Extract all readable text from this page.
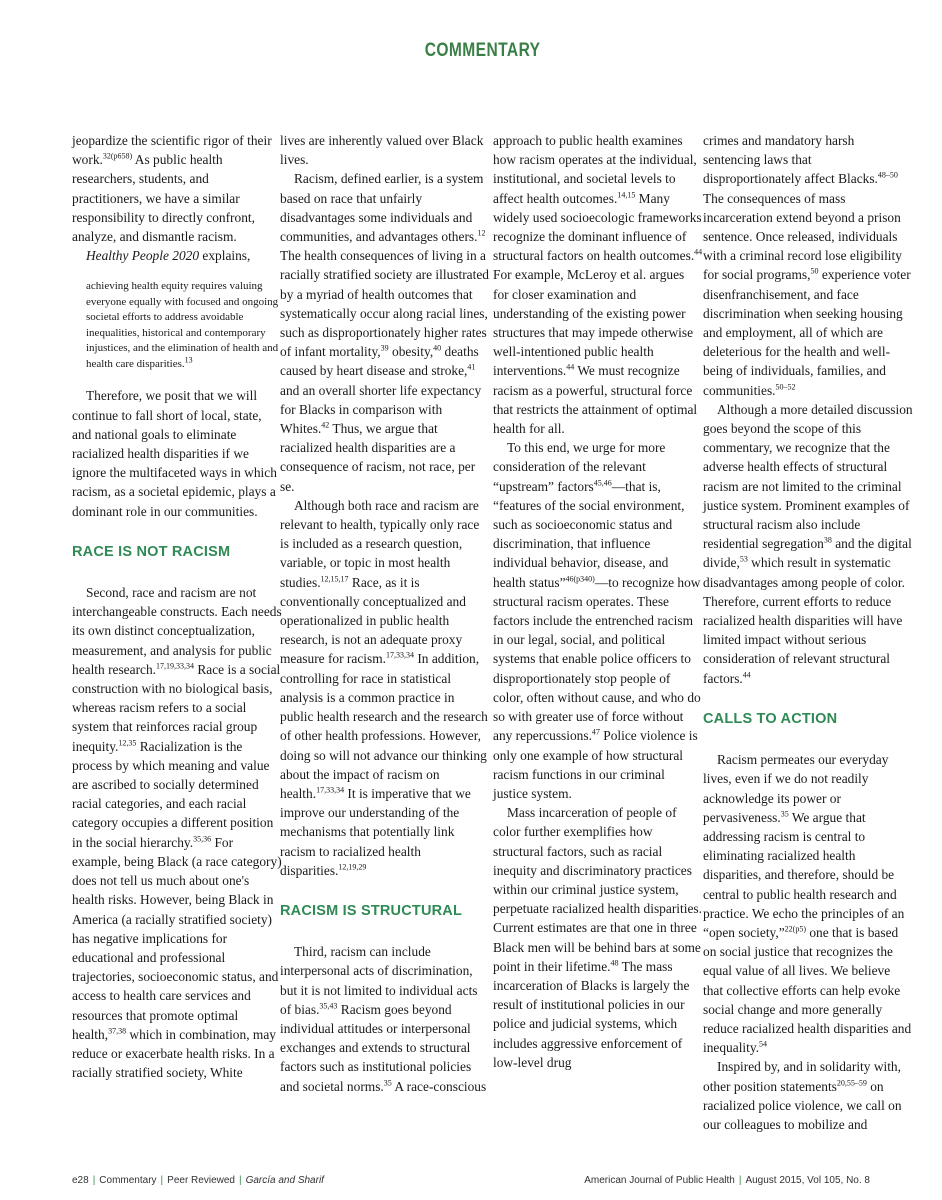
COMMENTARY

jeopardize the scientific rigor of their work.$^{32(p658)}$ As public health researchers, students, and practitioners, we have a similar responsibility to directly confront, analyze, and dismantle racism.

Healthy People 2020 explains,

achieving health equity requires valuing everyone equally with focused and ongoing societal efforts to address avoidable inequalities, historical and contemporary injustices, and the elimination of health and health care disparities.$^{13}$

Therefore, we posit that we will continue to fall short of local, state, and national goals to eliminate racialized health disparities if we ignore the multifaceted ways in which racism, as a societal epidemic, plays a dominant role in our communities.

RACE IS NOT RACISM

Second, race and racism are not interchangeable constructs. Each needs its own distinct conceptualization, measurement, and analysis for public health research.$^{17,19,33,34}$ Race is a social construction with no biological basis, whereas racism refers to a social system that reinforces racial group inequity.$^{12,35}$ Racialization is the process by which meaning and value are ascribed to socially determined racial categories, and each racial category occupies a different position in the social hierarchy.$^{35,36}$ For example, being Black (a race category) does not tell us much about one's health risks. However, being Black in America (a racially stratified society) has negative implications for educational and professional trajectories, socioeconomic status, and access to health care services and resources that promote optimal health,$^{37,38}$ which in combination, may reduce or exacerbate health risks. In a racially stratified society, White

lives are inherently valued over Black lives.

Racism, defined earlier, is a system based on race that unfairly disadvantages some individuals and communities, and advantages others.$^{12}$ The health consequences of living in a racially stratified society are illustrated by a myriad of health outcomes that systematically occur along racial lines, such as disproportionately higher rates of infant mortality,$^{39}$ obesity,$^{40}$ deaths caused by heart disease and stroke,$^{41}$ and an overall shorter life expectancy for Blacks in comparison with Whites.$^{42}$ Thus, we argue that racialized health disparities are a consequence of racism, not race, per se.

Although both race and racism are relevant to health, typically only race is included as a research question, variable, or topic in most health studies.$^{12,15,17}$ Race, as it is conventionally conceptualized and operationalized in public health research, is not an adequate proxy measure for racism.$^{17,33,34}$ In addition, controlling for race in statistical analysis is a common practice in public health research and the research of other health professions. However, doing so will not advance our thinking about the impact of racism on health.$^{17,33,34}$ It is imperative that we improve our understanding of the mechanisms that potentially link racism to racialized health disparities.$^{12,19,29}$

RACISM IS STRUCTURAL

Third, racism can include interpersonal acts of discrimination, but it is not limited to individual acts of bias.$^{35,43}$ Racism goes beyond individual attitudes or interpersonal exchanges and extends to structural factors such as institutional policies and societal norms.$^{35}$ A race-conscious

approach to public health examines how racism operates at the individual, institutional, and societal levels to affect health outcomes.$^{14,15}$ Many widely used socioecologic frameworks recognize the dominant influence of structural factors on health outcomes.$^{44}$ For example, McLeroy et al. argues for closer examination and understanding of the existing power structures that may impede otherwise well-intentioned public health interventions.$^{44}$ We must recognize racism as a powerful, structural force that restricts the attainment of optimal health for all.

To this end, we urge for more consideration of the relevant “upstream” factors$^{45,46}$—that is, “features of the social environment, such as socioeconomic status and discrimination, that influence individual behavior, disease, and health status”$^{46(p340)}$—to recognize how structural racism operates. These factors include the entrenched racism in our legal, social, and political systems that enable police officers to disproportionately stop people of color, often without cause, and who do so with greater use of force without any repercussions.$^{47}$ Police violence is only one example of how structural racism functions in our criminal justice system.

Mass incarceration of people of color further exemplifies how structural factors, such as racial inequity and discriminatory practices within our criminal justice system, perpetuate racialized health disparities. Current estimates are that one in three Black men will be behind bars at some point in their lifetime.$^{48}$ The mass incarceration of Blacks is largely the result of institutional policies in our police and judicial systems, which includes aggressive enforcement of low-level drug

crimes and mandatory harsh sentencing laws that disproportionately affect Blacks.$^{48-50}$ The consequences of mass incarceration extend beyond a prison sentence. Once released, individuals with a criminal record lose eligibility for social programs,$^{50}$ experience voter disenfranchisement, and face discrimination when seeking housing and employment, all of which are deleterious for the health and well-being of individuals, families, and communities.$^{50-52}$

Although a more detailed discussion goes beyond the scope of this commentary, we recognize that the adverse health effects of structural racism are not limited to the criminal justice system. Prominent examples of structural racism also include residential segregation$^{38}$ and the digital divide,$^{53}$ which result in systematic disadvantages among people of color. Therefore, current efforts to reduce racialized health disparities will have limited impact without serious consideration of relevant structural factors.$^{44}$

CALLS TO ACTION

Racism permeates our everyday lives, even if we do not readily acknowledge its power or pervasiveness.$^{35}$ We argue that addressing racism is central to eliminating racialized health disparities, and therefore, should be central to public health research and practice. We echo the principles of an “open society,”$^{22(p5)}$ one that is based on social justice that recognizes the equal value of all lives. We believe that collective efforts can help evoke social change and more generally reduce racialized health disparities and inequality.$^{54}$

Inspired by, and in solidarity with, other position statements$^{20,55-59}$ on racialized police violence, we call on our colleagues to mobilize and

e28 | Commentary | Peer Reviewed | García and Sharif	American Journal of Public Health | August 2015, Vol 105, No. 8
